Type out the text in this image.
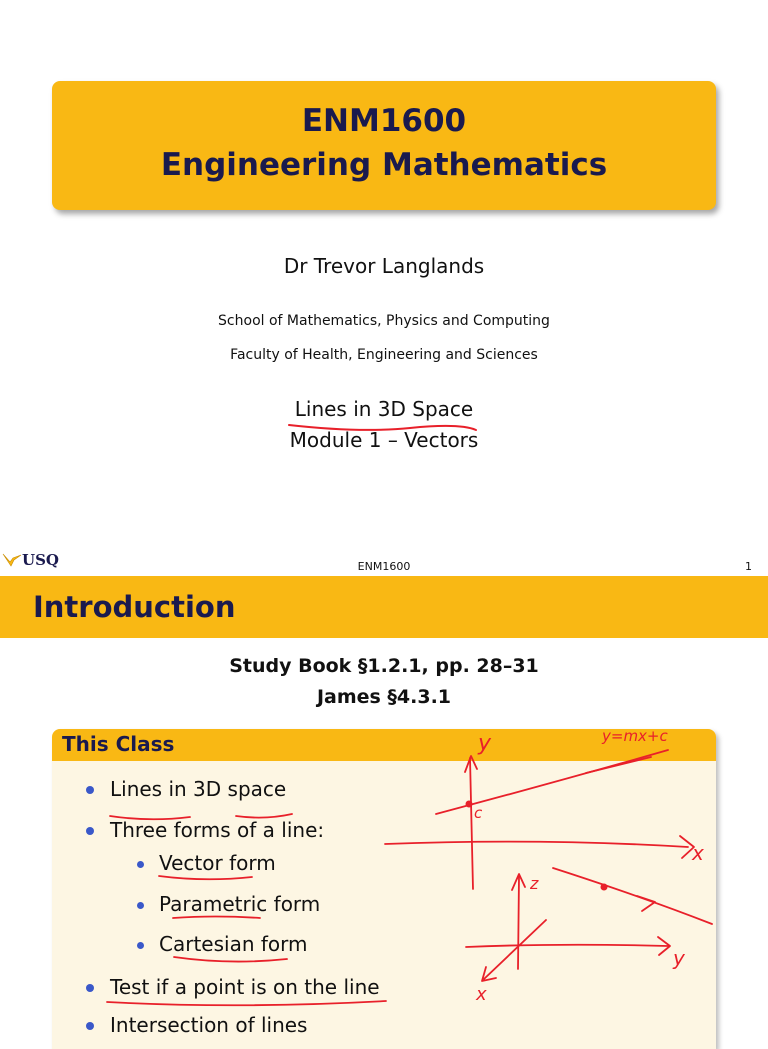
ENM1600
Engineering Mathematics
Dr Trevor Langlands
School of Mathematics, Physics and Computing
Faculty of Health, Engineering and Sciences
Lines in 3D Space
Module 1 – Vectors
USQ	ENM1600	1
Introduction
Study Book §1.2.1, pp. 28–31
James §4.3.1
This Class
Lines in 3D space
Three forms of a line:
Vector form
Parametric form
Cartesian form
Test if a point is on the line
Intersection of lines
y	y=mx+c
c
x
z
y
x
